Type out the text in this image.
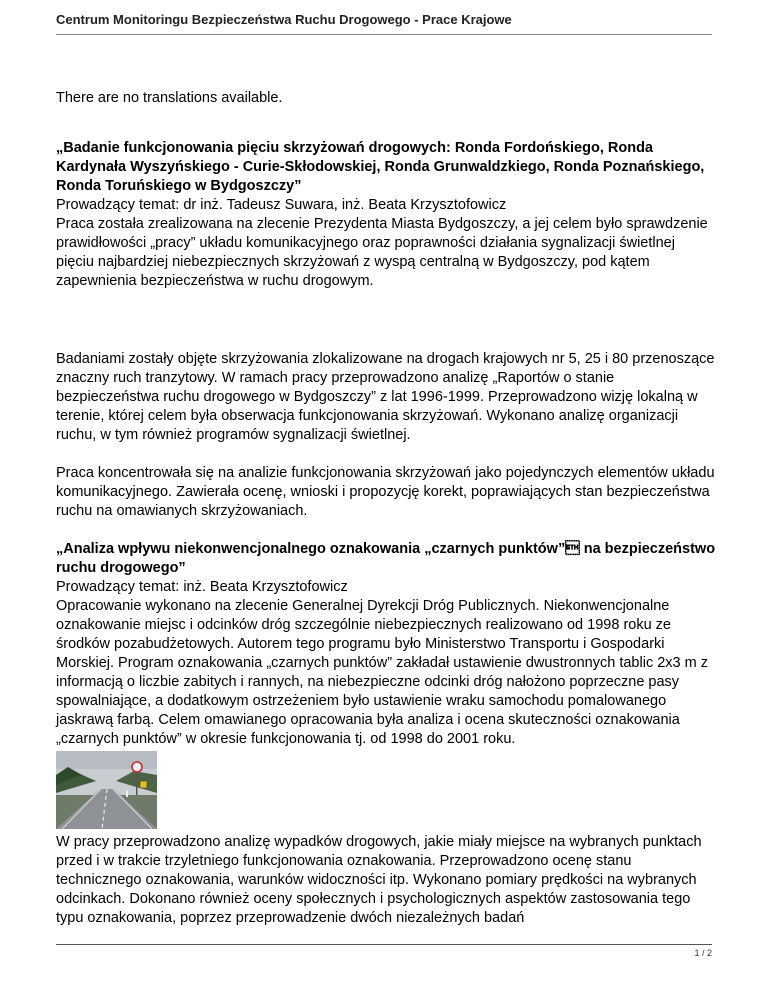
Centrum Monitoringu Bezpieczeństwa Ruchu Drogowego - Prace Krajowe

There are no translations available.

„Badanie funkcjonowania pięciu skrzyżowań drogowych: Ronda Fordońskiego, Ronda Kardynała Wyszyńskiego - Curie-Skłodowskiej, Ronda Grunwaldzkiego, Ronda Poznańskiego, Ronda Toruńskiego w Bydgoszczy”

Prowadzący temat: dr inż. Tadeusz Suwara, inż. Beata Krzysztofowicz

Praca została zrealizowana na zlecenie Prezydenta Miasta Bydgoszczy, a jej celem było sprawdzenie prawidłowości „pracy” układu komunikacyjnego oraz poprawności działania sygnalizacji świetlnej pięciu najbardziej niebezpiecznych skrzyżowań z wyspą centralną w Bydgoszczy, pod kątem zapewnienia bezpieczeństwa w ruchu drogowym.

Badaniami zostały objęte skrzyżowania zlokalizowane na drogach krajowych nr 5, 25 i 80 przenoszące znaczny ruch tranzytowy. W ramach pracy przeprowadzono analizę „Raportów o stanie bezpieczeństwa ruchu drogowego w Bydgoszczy” z lat 1996-1999. Przeprowadzono wizję lokalną w terenie, której celem była obserwacja funkcjonowania skrzyżowań. Wykonano analizę organizacji ruchu, w tym również programów sygnalizacji świetlnej.

Praca koncentrowała się na analizie funkcjonowania skrzyżowań jako pojedynczych elementów układu komunikacyjnego. Zawierała ocenę, wnioski i propozycję korekt, poprawiających stan bezpieczeństwa ruchu na omawianych skrzyżowaniach.

„Analiza wpływu niekonwencjonalnego oznakowania „czarnych punktów” na bezpieczeństwo ruchu drogowego”

Prowadzący temat: inż. Beata Krzysztofowicz

Opracowanie wykonano na zlecenie Generalnej Dyrekcji Dróg Publicznych. Niekonwencjonalne oznakowanie miejsc i odcinków dróg szczególnie niebezpiecznych realizowano od 1998 roku ze środków pozabudżetowych. Autorem tego programu było Ministerstwo Transportu i Gospodarki Morskiej. Program oznakowania „czarnych punktów” zakładał ustawienie dwustronnych tablic 2x3 m z informacją o liczbie zabitych i rannych, na niebezpieczne odcinki dróg nałożono poprzeczne pasy spowalniające, a dodatkowym ostrzeżeniem było ustawienie wraku samochodu pomalowanego jaskrawą farbą. Celem omawianego opracowania była analiza i ocena skuteczności oznakowania „czarnych punktów” w okresie funkcjonowania tj. od 1998 do 2001 roku.

W pracy przeprowadzono analizę wypadków drogowych, jakie miały miejsce na wybranych punktach przed i w trakcie trzyletniego funkcjonowania oznakowania. Przeprowadzono ocenę stanu technicznego oznakowania, warunków widoczności itp. Wykonano pomiary prędkości na wybranych odcinkach. Dokonano również oceny społecznych i psychologicznych aspektów zastosowania tego typu oznakowania, poprzez przeprowadzenie dwóch niezależnych badań

1 / 2
